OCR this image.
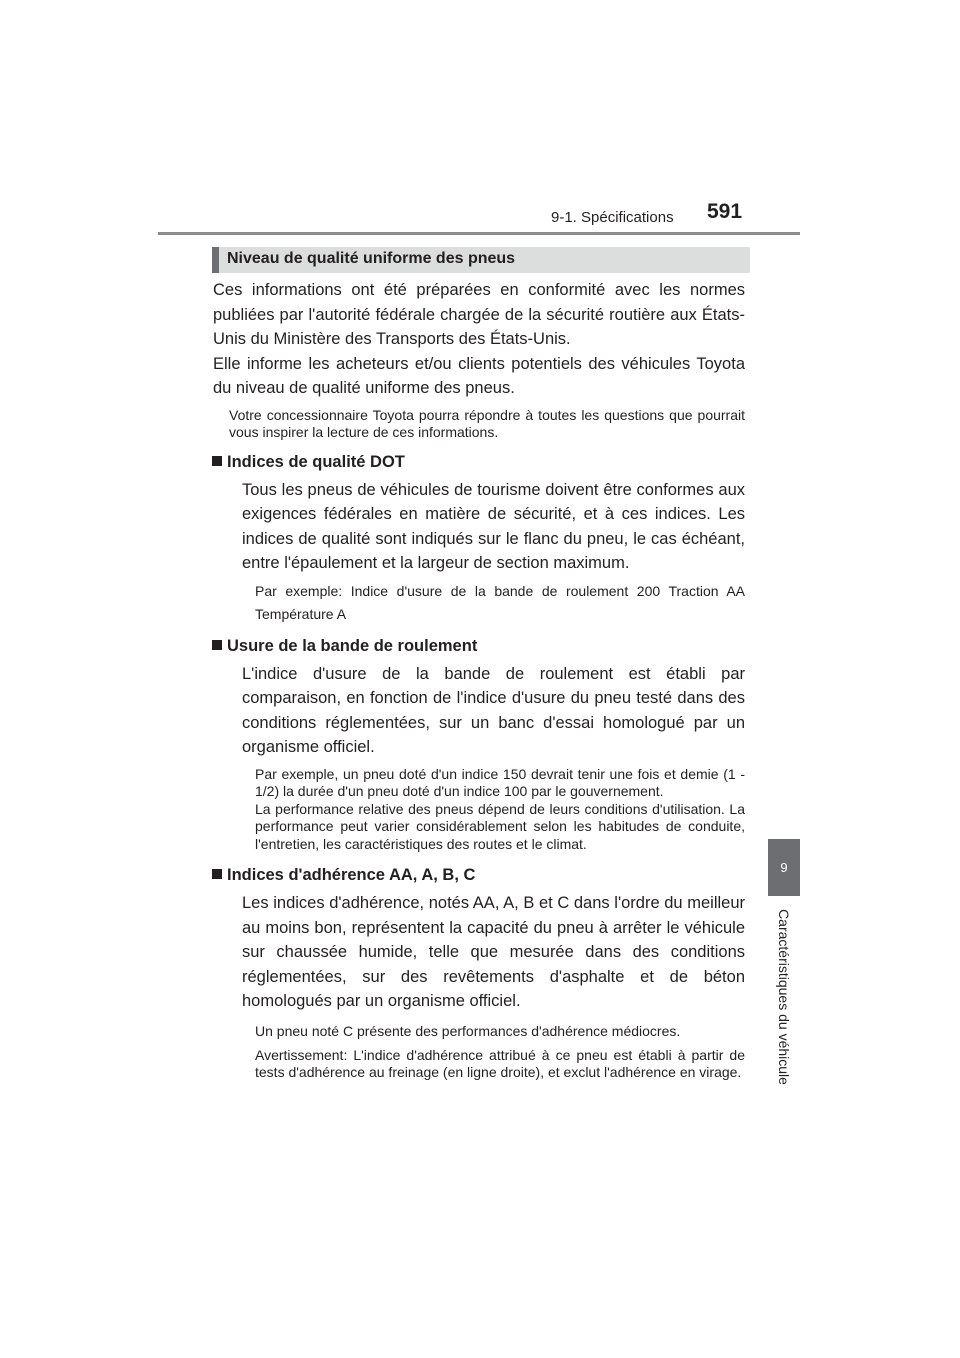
9-1. Spécifications 591
9
Caractéristiques du véhicule
Niveau de qualité uniforme des pneus

Ces informations ont été préparées en conformité avec les normes publiées par l'autorité fédérale chargée de la sécurité routière aux États-Unis du Ministère des Transports des États-Unis.

Elle informe les acheteurs et/ou clients potentiels des véhicules Toyota du niveau de qualité uniforme des pneus.

Votre concessionnaire Toyota pourra répondre à toutes les questions que pourrait vous inspirer la lecture de ces informations.

Indices de qualité DOT

Tous les pneus de véhicules de tourisme doivent être conformes aux exigences fédérales en matière de sécurité, et à ces indices. Les indices de qualité sont indiqués sur le flanc du pneu, le cas échéant, entre l'épaulement et la largeur de section maximum.

Par exemple: Indice d'usure de la bande de roulement 200 Traction AA Température A

Usure de la bande de roulement

L'indice d'usure de la bande de roulement est établi par comparaison, en fonction de l'indice d'usure du pneu testé dans des conditions réglementées, sur un banc d'essai homologué par un organisme officiel.

Par exemple, un pneu doté d'un indice 150 devrait tenir une fois et demie (1 - 1/2) la durée d'un pneu doté d'un indice 100 par le gouvernement.

La performance relative des pneus dépend de leurs conditions d'utilisation. La performance peut varier considérablement selon les habitudes de conduite, l'entretien, les caractéristiques des routes et le climat.

Indices d'adhérence AA, A, B, C

Les indices d'adhérence, notés AA, A, B et C dans l'ordre du meilleur au moins bon, représentent la capacité du pneu à arrêter le véhicule sur chaussée humide, telle que mesurée dans des conditions réglementées, sur des revêtements d'asphalte et de béton homologués par un organisme officiel.

Un pneu noté C présente des performances d'adhérence médiocres.

Avertissement: L'indice d'adhérence attribué à ce pneu est établi à partir de tests d'adhérence au freinage (en ligne droite), et exclut l'adhérence en virage.
